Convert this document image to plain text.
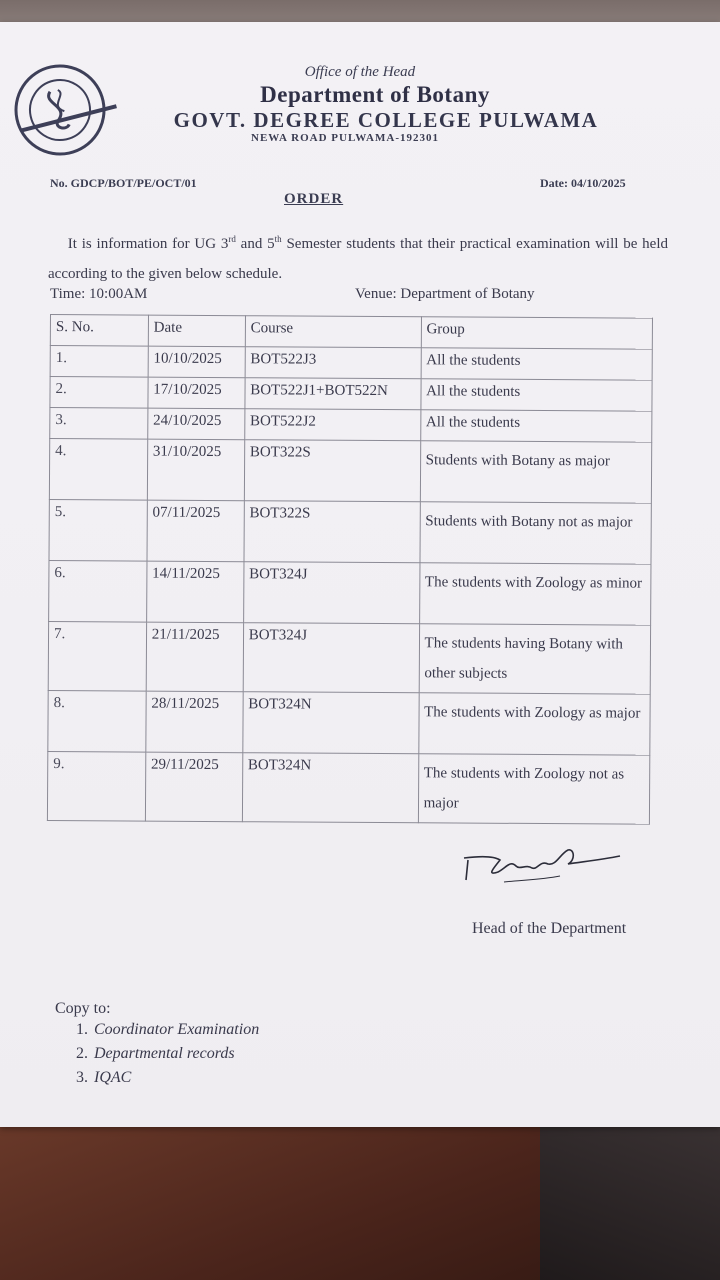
Office of the Head
Department of Botany
GOVT. DEGREE COLLEGE PULWAMA
NEWA ROAD PULWAMA-192301
No. GDCP/BOT/PE/OCT/01	Date: 04/10/2025
ORDER
  It is information for UG 3rd and 5th Semester students that their practical examination will be held according to the given below schedule.
Time: 10:00AM	Venue: Department of Botany
S. No.	Date	Course	Group
1.	10/10/2025	BOT522J3	All the students
2.	17/10/2025	BOT522J1+BOT522N	All the students
3.	24/10/2025	BOT522J2	All the students
4.	31/10/2025	BOT322S	Students with Botany as major
5.	07/11/2025	BOT322S	Students with Botany not as major
6.	14/11/2025	BOT324J	The students with Zoology as minor
7.	21/11/2025	BOT324J	The students having Botany with other subjects
8.	28/11/2025	BOT324N	The students with Zoology as major
9.	29/11/2025	BOT324N	The students with Zoology not as major
Head of the Department
Copy to:
1. Coordinator Examination
2. Departmental records
3. IQAC
